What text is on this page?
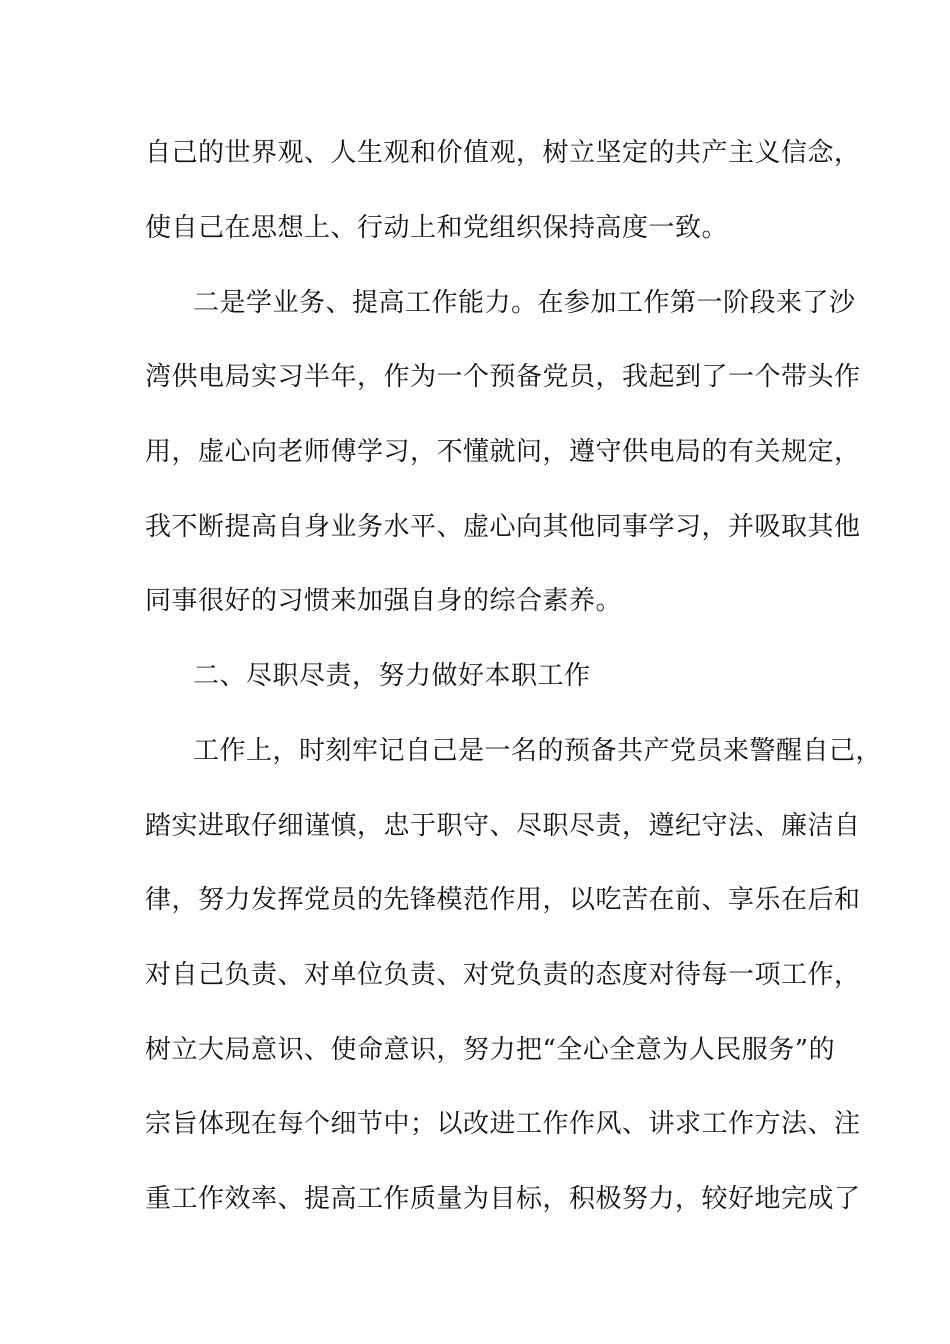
自己的世界观、人生观和价值观，树立坚定的共产主义信念，
使自己在思想上、行动上和党组织保持高度一致。
二是学业务、提高工作能力。在参加工作第一阶段来了沙
湾供电局实习半年，作为一个预备党员，我起到了一个带头作
用，虚心向老师傅学习，不懂就问，遵守供电局的有关规定，
我不断提高自身业务水平、虚心向其他同事学习，并吸取其他
同事很好的习惯来加强自身的综合素养。
二、尽职尽责，努力做好本职工作
工作上，时刻牢记自己是一名的预备共产党员来警醒自己，
踏实进取仔细谨慎，忠于职守、尽职尽责，遵纪守法、廉洁自
律，努力发挥党员的先锋模范作用，以吃苦在前、享乐在后和
对自己负责、对单位负责、对党负责的态度对待每一项工作，
树立大局意识、使命意识，努力把“全心全意为人民服务”的
宗旨体现在每个细节中；以改进工作作风、讲求工作方法、注
重工作效率、提高工作质量为目标，积极努力，较好地完成了
